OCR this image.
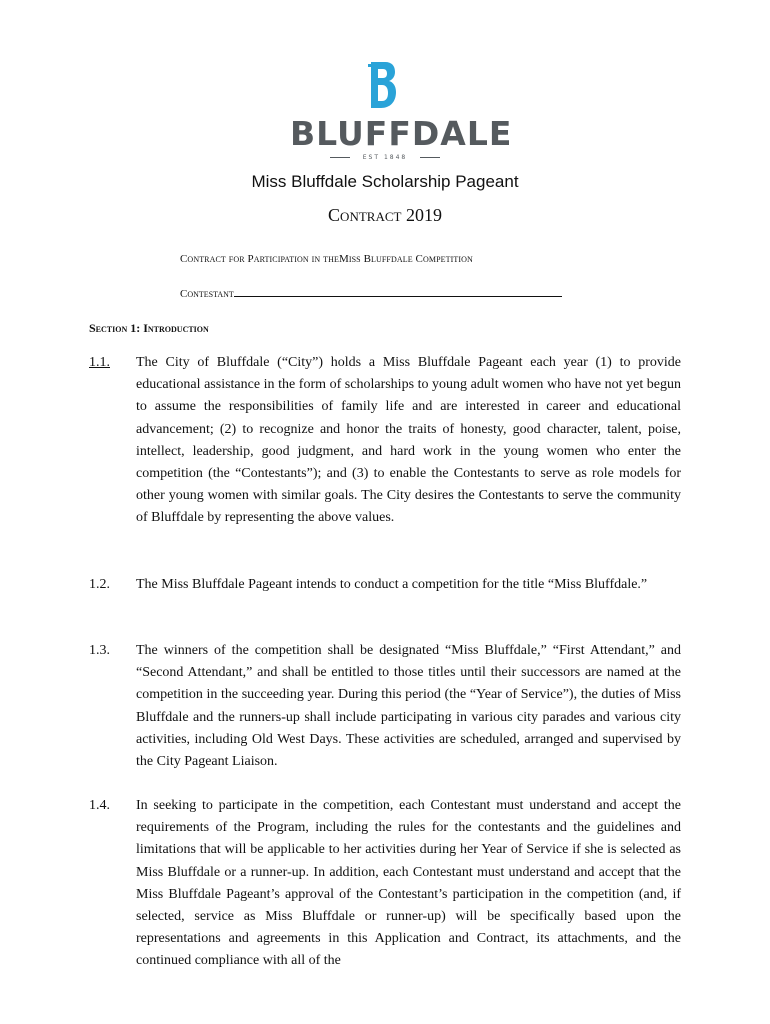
BLUFFDALE
EST 1848
Miss Bluffdale Scholarship Pageant
Contract 2019
Contract for Participation in theMiss Bluffdale Competition
Contestant
Section 1: Introduction
1.1.	The City of Bluffdale (“City”) holds a Miss Bluffdale Pageant each year (1) to provide educational assistance in the form of scholarships to young adult women who have not yet begun to assume the responsibilities of family life and are interested in career and educational advancement; (2) to recognize and honor the traits of honesty, good character, talent, poise, intellect, leadership, good judgment, and hard work in the young women who enter the competition (the “Contestants”); and (3) to enable the Contestants to serve as role models for other young women with similar goals. The City desires the Contestants to serve the community of Bluffdale by representing the above values.
1.2.	The Miss Bluffdale Pageant intends to conduct a competition for the title “Miss Bluffdale.”
1.3.	The winners of the competition shall be designated “Miss Bluffdale,” “First Attendant,” and “Second Attendant,” and shall be entitled to those titles until their successors are named at the competition in the succeeding year. During this period (the “Year of Service”), the duties of Miss Bluffdale and the runners-up shall include participating in various city parades and various city activities, including Old West Days. These activities are scheduled, arranged and supervised by the City Pageant Liaison.
1.4.	In seeking to participate in the competition, each Contestant must understand and accept the requirements of the Program, including the rules for the contestants and the guidelines and limitations that will be applicable to her activities during her Year of Service if she is selected as Miss Bluffdale or a runner-up. In addition, each Contestant must understand and accept that the Miss Bluffdale Pageant’s approval of the Contestant’s participation in the competition (and, if selected, service as Miss Bluffdale or runner-up) will be specifically based upon the representations and agreements in this Application and Contract, its attachments, and the continued compliance with all of the
